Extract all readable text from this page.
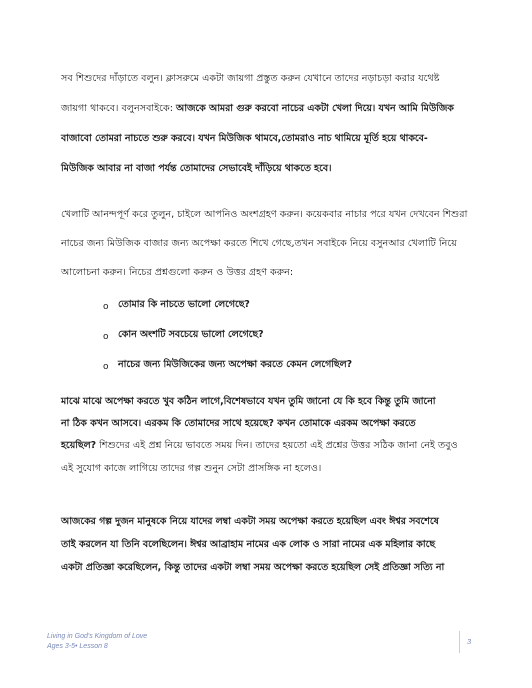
সব শিশুদের দাঁড়াতে বলুন। ক্লাসরুমে একটা জায়গা প্রস্তুত করুন যেখানে তাদের নড়াচড়া করার যথেষ্ট
জায়গা থাকবে। বলুনসবাইকে: আজকে আমরা গুরু করবো নাচের একটা খেলা দিয়ে। যখন আমি মিউজিক
বাজাবো তোমরা নাচতে শুরু করবে। যখন মিউজিক থামবে,তোমরাও নাচ থামিয়ে মূর্তি হয়ে থাকবে-
মিউজিক আবার না বাজা পর্যন্ত তোমাদের সেভাবেই দাঁড়িয়ে থাকতে হবে।
খেলাটি আনন্দপূর্ণ করে তুলুন, চাইলে আপনিও অংশগ্রহণ করুন। কয়েকবার নাচার পরে যখন দেখবেন শিশুরা
নাচের জন্য মিউজিক বাজার জন্য অপেক্ষা করতে শিখে গেছে,তখন সবাইকে নিয়ে বসুনআর খেলাটি নিয়ে
আলোচনা করুন। নিচের প্রশ্নগুলো করুন ও উত্তর গ্রহণ করুন:
o তোমার কি নাচতে ভালো লেগেছে?
o কোন অংশটি সবচেয়ে ভালো লেগেছে?
o নাচের জন্য মিউজিকের জন্য অপেক্ষা করতে কেমন লেগেছিল?
মাঝে মাঝে অপেক্ষা করতে খুব কঠিন লাগে,বিশেষভাবে যখন তুমি জানো যে কি হবে কিন্তু তুমি জানো
না ঠিক কখন আসবে। এরকম কি তোমাদের সাথে হয়েছে? কখন তোমাকে এরকম অপেক্ষা করতে
হয়েছিল? শিশুদের এই প্রশ্ন নিয়ে ভাবতে সময় দিন। তাদের হয়তো এই প্রশ্নের উত্তর সঠিক জানা নেই তবুও
এই সুযোগ কাজে লাগিয়ে তাদের গল্প শুনুন সেটা প্রাসঙ্গিক না হলেও।
আজকের গল্প দুজন মানুষকে নিয়ে যাদের লম্বা একটা সময় অপেক্ষা করতে হয়েছিল এবং ঈশ্বর সবশেষে
তাই করলেন যা তিনি বলেছিলেন। ঈশ্বর আব্রাহাম নামের এক লোক ও সারা নামের এক মহিলার কাছে
একটা প্রতিজ্ঞা করেছিলেন, কিন্তু তাদের একটা লম্বা সময় অপেক্ষা করতে হয়েছিল সেই প্রতিজ্ঞা সত্যি না
Living in God's Kingdom of Love
Ages 3-5• Lesson 8
3
